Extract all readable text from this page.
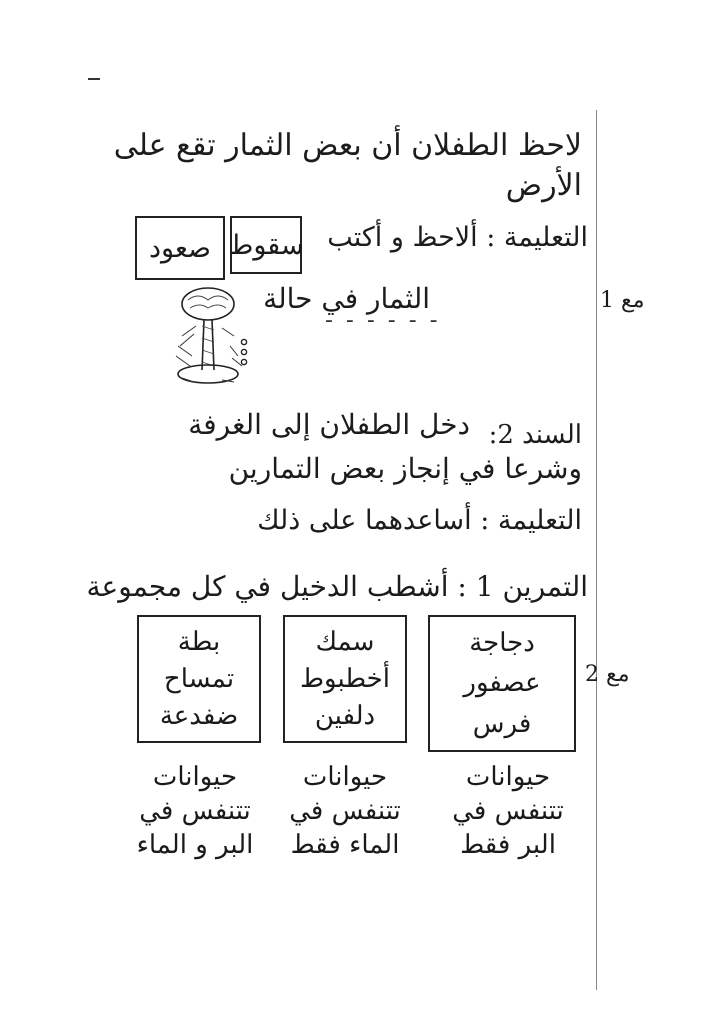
لاحظ الطفلان أن بعض الثمار تقع على
الأرض
التعليمة : ألاحظ و أكتب
سقوط
صعود
مع 1
الثمار في حالة
- - - - - -
السند 2:
دخل الطفلان إلى الغرفة
وشرعا في إنجاز بعض التمارين
التعليمة : أساعدهما على ذلك
التمرين 1 : أشطب الدخيل في كل مجموعة
مع 2
دجاجة
عصفور
فرس
سمك
أخطبوط
دلفين
بطة
تمساح
ضفدعة
حيوانات
تتنفس في
البر فقط
حيوانات
تتنفس في
الماء فقط
حيوانات
تتنفس في
البر و الماء
